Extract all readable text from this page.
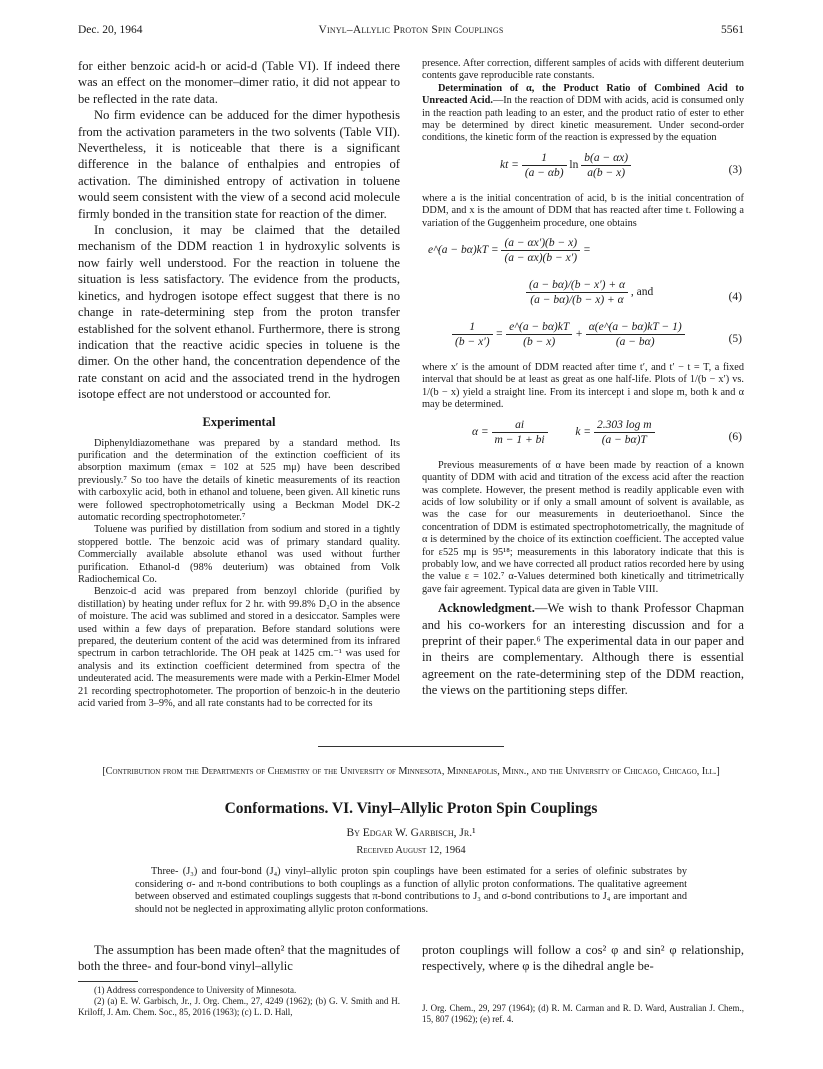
Dec. 20, 1964	Vinyl–Allylic Proton Spin Couplings	5561

for either benzoic acid-h or acid-d (Table VI). If indeed there was an effect on the monomer–dimer ratio, it did not appear to be reflected in the rate data.

No firm evidence can be adduced for the dimer hypothesis from the activation parameters in the two solvents (Table VII). Nevertheless, it is noticeable that there is a significant difference in the balance of enthalpies and entropies of activation. The diminished entropy of activation in toluene would seem consistent with the view of a second acid molecule firmly bonded in the transition state for reaction of the dimer.

In conclusion, it may be claimed that the detailed mechanism of the DDM reaction 1 in hydroxylic solvents is now fairly well understood. For the reaction in toluene the situation is less satisfactory. The evidence from the products, kinetics, and hydrogen isotope effect suggest that there is no change in rate-determining step from the proton transfer established for the solvent ethanol. Furthermore, there is strong indication that the reactive acidic species in toluene is the dimer. On the other hand, the concentration dependence of the rate constant on acid and the associated trend in the hydrogen isotope effect are not understood or accounted for.

Experimental

Diphenyldiazomethane was prepared by a standard method. Its purification and the determination of the extinction coefficient of its absorption maximum (εmax = 102 at 525 mμ) have been described previously.⁷ So too have the details of kinetic measurements of its reaction with carboxylic acid, both in ethanol and toluene, been given. All kinetic runs were followed spectrophotometrically using a Beckman Model DK-2 automatic recording spectrophotometer.⁷

Toluene was purified by distillation from sodium and stored in a tightly stoppered bottle. The benzoic acid was of primary standard quality. Commercially available absolute ethanol was used without further purification. Ethanol-d (98% deuterium) was obtained from Volk Radiochemical Co.

Benzoic-d acid was prepared from benzoyl chloride (purified by distillation) by heating under reflux for 2 hr. with 99.8% D₂O in the absence of moisture. The acid was sublimed and stored in a desiccator. Samples were used within a few days of preparation. Before standard solutions were prepared, the deuterium content of the acid was determined from its infrared spectrum in carbon tetrachloride. The OH peak at 1425 cm.⁻¹ was used for analysis and its extinction coefficient determined from spectra of the undeuterated acid. The measurements were made with a Perkin-Elmer Model 21 recording spectrophotometer. The proportion of benzoic-h in the deuterio acid varied from 3–9%, and all rate constants had to be corrected for its

presence. After correction, different samples of acids with different deuterium contents gave reproducible rate constants.

Determination of α, the Product Ratio of Combined Acid to Unreacted Acid.—In the reaction of DDM with acids, acid is consumed only in the reaction path leading to an ester, and the product ratio of ester to ether may be determined by direct kinetic measurement. Under second-order conditions, the kinetic form of the reaction is expressed by the equation

kt = $\frac{1}{(a - \alpha b)}$ $\ln \frac{b(a - \alpha x)}{a(b - x)}$	(3)

where a is the initial concentration of acid, b is the initial concentration of DDM, and x is the amount of DDM that has reacted after time t. Following a variation of the Guggenheim procedure, one obtains

e^(a − $b\alpha)kT = \frac{(a - \alpha x')(b - x)}{(a - \alpha x)(b - x')}$ =
$\frac{(a - b\alpha)/(b - x') + \alpha}{(a - b\alpha)/(b - x) + \alpha}$ , and	(4)
$\frac{1}{(b - x')} = \frac{e\^{}(a - b\alpha)kT}{(b - x)} + \frac{\alpha(e\^{}(a - b\alpha)kT - 1)}{(a - b\alpha)}$	(5)

where x′ is the amount of DDM reacted after time t′, and t′ − t = T, a fixed interval that should be at least as great as one half-life. Plots of 1/(b − x′) vs. 1/(b − x) yield a straight line. From its intercept i and slope m, both k and α may be determined.

$\alpha = \frac{ai}{m - 1 + bi}$ $k = \frac{\text{2.303 log m}}{(a - b\alpha)T}$	(6)

Previous measurements of α have been made by reaction of a known quantity of DDM with acid and titration of the excess acid after the reaction was complete. However, the present method is readily applicable even with acids of low solubility or if only a small amount of solvent is available, as was the case for our measurements in deuterioethanol. Since the concentration of DDM is estimated spectrophotometrically, the magnitude of α is determined by the choice of its extinction coefficient. The accepted value for ε525 mμ is 95¹⁸; measurements in this laboratory indicate that this is probably low, and we have corrected all product ratios recorded here by using the value ε = 102.⁷ α-Values determined both kinetically and titrimetrically gave fair agreement. Typical data are given in Table VIII.

Acknowledgment.—We wish to thank Professor Chapman and his co-workers for an interesting discussion and for a preprint of their paper.⁶ The experimental data in our paper and in theirs are complementary. Although there is essential agreement on the rate-determining step of the DDM reaction, the views on the partitioning steps differ.

[Contribution from the Departments of Chemistry of the University of Minnesota, Minneapolis, Minn., and the University of Chicago, Chicago, Ill.]
Conformations. VI. Vinyl–Allylic Proton Spin Couplings
By Edgar W. Garbisch, Jr.¹
Received August 12, 1964

Three- (J₃) and four-bond (J₄) vinyl–allylic proton spin couplings have been estimated for a series of olefinic substrates by considering σ- and π-bond contributions to both couplings as a function of allylic proton conformations. The qualitative agreement between observed and estimated couplings suggests that π-bond contributions to J₃ and σ-bond contributions to J₄ are important and should not be neglected in approximating allylic proton conformations.

The assumption has been made often² that the magnitudes of both the three- and four-bond vinyl–allylic

(1) Address correspondence to University of Minnesota.

(2) (a) E. W. Garbisch, Jr., J. Org. Chem., 27, 4249 (1962); (b) G. V. Smith and H. Kriloff, J. Am. Chem. Soc., 85, 2016 (1963); (c) L. D. Hall,

proton couplings will follow a cos² φ and sin² φ relationship, respectively, where φ is the dihedral angle be-

J. Org. Chem., 29, 297 (1964); (d) R. M. Carman and R. D. Ward, Australian J. Chem., 15, 807 (1962); (e) ref. 4.
